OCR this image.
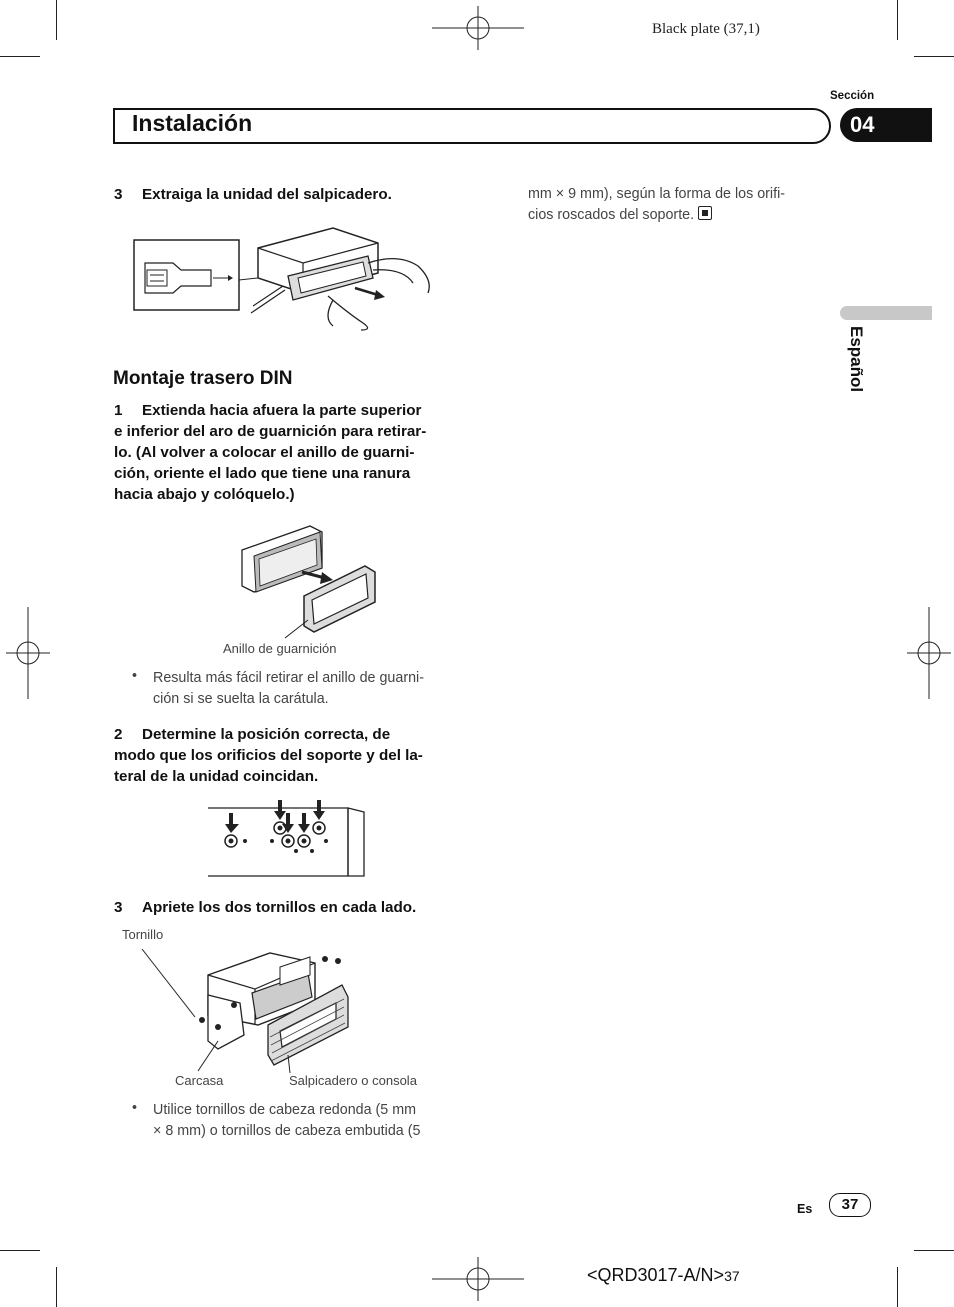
Black plate (37,1)
Sección
Instalación	04
Español
3 Extraiga la unidad del salpicadero.
Montaje trasero DIN
1 Extienda hacia afuera la parte superior
e inferior del aro de guarnición para retirar-
lo. (Al volver a colocar el anillo de guarni-
ción, oriente el lado que tiene una ranura
hacia abajo y colóquelo.)
Anillo de guarnición
• Resulta más fácil retirar el anillo de guarni-
ción si se suelta la carátula.
2 Determine la posición correcta, de
modo que los orificios del soporte y del la-
teral de la unidad coincidan.
3 Apriete los dos tornillos en cada lado.
Tornillo
Carcasa	Salpicadero o consola
• Utilice tornillos de cabeza redonda (5 mm
× 8 mm) o tornillos de cabeza embutida (5
mm × 9 mm), según la forma de los orifi-
cios roscados del soporte.
Es	37
<QRD3017-A/N>37
